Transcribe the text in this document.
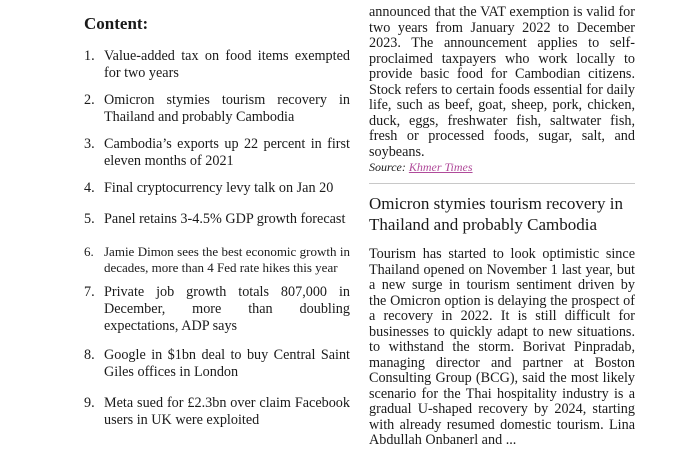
Content:
1. Value-added tax on food items exempted for two years
2. Omicron stymies tourism recovery in Thailand and probably Cambodia
3. Cambodia’s exports up 22 percent in first eleven months of 2021
4. Final cryptocurrency levy talk on Jan 20
5. Panel retains 3-4.5% GDP growth forecast
6. Jamie Dimon sees the best economic growth in decades, more than 4 Fed rate hikes this year
7. Private job growth totals 807,000 in December, more than doubling expectations, ADP says
8. Google in $1bn deal to buy Central Saint Giles offices in London
9. Meta sued for £2.3bn over claim Facebook users in UK were exploited

announced that the VAT exemption is valid for two years from January 2022 to December 2023. The announcement applies to self-proclaimed taxpayers who work locally to provide basic food for Cambodian citizens. Stock refers to certain foods essential for daily life, such as beef, goat, sheep, pork, chicken, duck, eggs, freshwater fish, saltwater fish, fresh or processed foods, sugar, salt, and soybeans.

Source: Khmer Times

Omicron stymies tourism recovery in Thailand and probably Cambodia

Tourism has started to look optimistic since Thailand opened on November 1 last year, but a new surge in tourism sentiment driven by the Omicron option is delaying the prospect of a recovery in 2022. It is still difficult for businesses to quickly adapt to new situations. to withstand the storm. Borivat Pinpradab, managing director and partner at Boston Consulting Group (BCG), said the most likely scenario for the Thai hospitality industry is a gradual U-shaped recovery by 2024, starting with already resumed domestic tourism. Lina Abdullah Onbanerl and ...
